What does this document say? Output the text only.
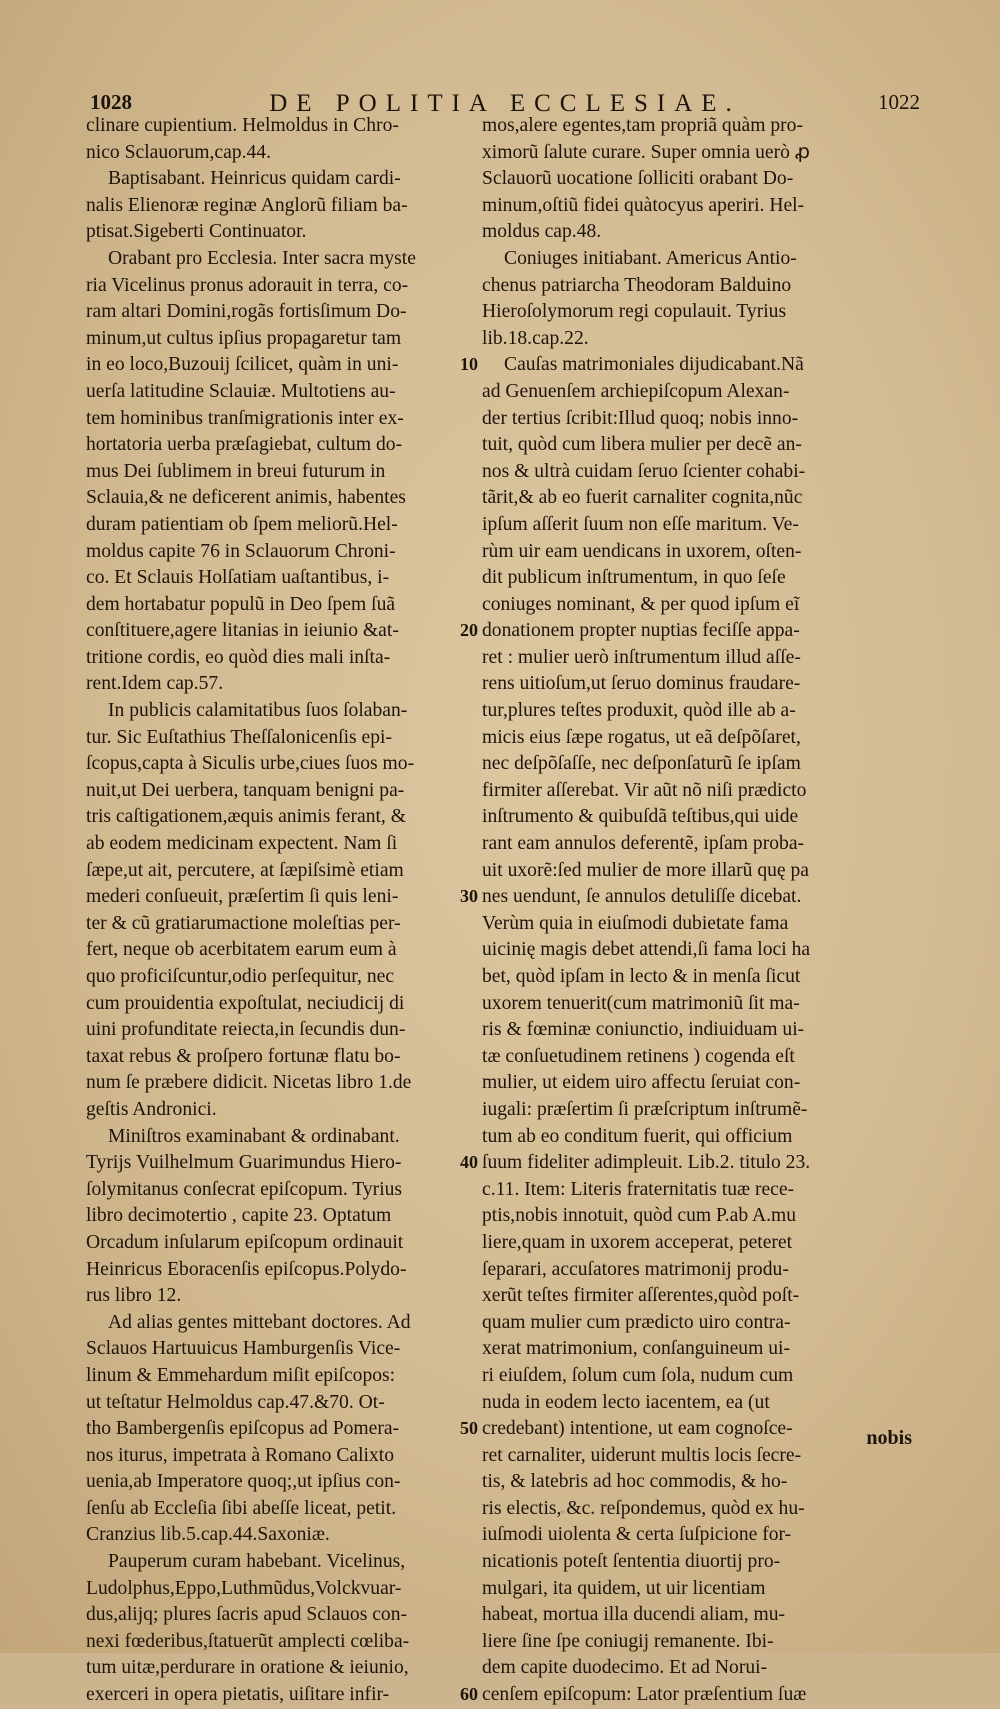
1028	DE POLITIA ECCLESIAE.	1022
clinare cupientium. Helmoldus in Chro-
nico Sclauorum,cap.44.
Baptisabant. Heinricus quidam cardi-
nalis Elienoræ reginæ Anglorũ filiam ba-
ptisat.Sigeberti Continuator.
Orabant pro Ecclesia. Inter sacra myste
ria Vicelinus pronus adorauit in terra, co-
ram altari Domini,rogãs fortisſimum Do-
minum,ut cultus ipſius propagaretur tam
in eo loco,Buzouij ſcilicet, quàm in uni-
uerſa latitudine Sclauiæ. Multotiens au-
tem hominibus tranſmigrationis inter ex-
hortatoria uerba præſagiebat, cultum do-
mus Dei ſublimem in breui futurum in
Sclauia,& ne deficerent animis, habentes
duram patientiam ob ſpem meliorũ.Hel-
moldus capite 76 in Sclauorum Chroni-
co. Et Sclauis Holſatiam uaſtantibus, i-
dem hortabatur populũ in Deo ſpem ſuã
conſtituere,agere litanias in ieiunio &at-
tritione cordis, eo quòd dies mali inſta-
rent.Idem cap.57.
In publicis calamitatibus ſuos ſolaban-
tur. Sic Euſtathius Theſſalonicenſis epi-
ſcopus,capta à Siculis urbe,ciues ſuos mo-
nuit,ut Dei uerbera, tanquam benigni pa-
tris caſtigationem,æquis animis ferant, &
ab eodem medicinam expectent. Nam ſi
ſæpe,ut ait, percutere, at ſæpiſsimè etiam
mederi conſueuit, præſertim ſi quis leni-
ter & cũ gratiarumactione moleſtias per-
fert, neque ob acerbitatem earum eum à
quo proficiſcuntur,odio perſequitur, nec
cum prouidentia expoſtulat, neciudicij di
uini profunditate reiecta,in ſecundis dun-
taxat rebus & proſpero fortunæ flatu bo-
num ſe præbere didicit. Nicetas libro 1.de
geſtis Andronici.
Miniſtros examinabant & ordinabant.
Tyrijs Vuilhelmum Guarimundus Hiero-
ſolymitanus conſecrat epiſcopum. Tyrius
libro decimotertio , capite 23. Optatum
Orcadum inſularum epiſcopum ordinauit
Heinricus Eboracenſis epiſcopus.Polydo-
rus libro 12.
Ad alias gentes mittebant doctores. Ad
Sclauos Hartuuicus Hamburgenſis Vice-
linum & Emmehardum miſit epiſcopos:
ut teſtatur Helmoldus cap.47.&70. Ot-
tho Bambergenſis epiſcopus ad Pomera-
nos iturus, impetrata à Romano Calixto
uenia,ab Imperatore quoq;,ut ipſius con-
ſenſu ab Eccleſia ſibi abeſſe liceat, petit.
Cranzius lib.5.cap.44.Saxoniæ.
Pauperum curam habebant. Vicelinus,
Ludolphus,Eppo,Luthmũdus,Volckvuar-
dus,alijq; plures ſacris apud Sclauos con-
nexi fœderibus,ſtatuerũt amplecti cœliba-
tum uitæ,perdurare in oratione & ieiunio,
exerceri in opera pietatis, uiſitare infir-
mos,alere egentes,tam propriã quàm pro-
ximorũ ſalute curare. Super omnia uerò ꝓ
Sclauorũ uocatione ſolliciti orabant Do-
minum,oſtiũ fidei quàtocyus aperiri. Hel-
moldus cap.48.
Coniuges initiabant. Americus Antio-
chenus patriarcha Theodoram Balduino
Hieroſolymorum regi copulauit. Tyrius
lib.18.cap.22.
Cauſas matrimoniales dijudicabant.Nã
ad Genuenſem archiepiſcopum Alexan-
der tertius ſcribit:Illud quoq; nobis inno-
tuit, quòd cum libera mulier per decẽ an-
nos & ultrà cuidam ſeruo ſcienter cohabi-
tãrit,& ab eo fuerit carnaliter cognita,nũc
ipſum aſſerit ſuum non eſſe maritum. Ve-
rùm uir eam uendicans in uxorem, oſten-
dit publicum inſtrumentum, in quo ſeſe
coniuges nominant, & per quod ipſum eĩ
donationem propter nuptias feciſſe appa-
ret : mulier uerò inſtrumentum illud aſſe-
rens uitioſum,ut ſeruo dominus fraudare-
tur,plures teſtes produxit, quòd ille ab a-
micis eius ſæpe rogatus, ut eã deſpõſaret,
nec deſpõſaſſe, nec deſponſaturũ ſe ipſam
firmiter aſſerebat. Vir aũt nõ niſi prædicto
inſtrumento & quibuſdã teſtibus,qui uide
rant eam annulos deferentẽ, ipſam proba-
uit uxorẽ:ſed mulier de more illarũ quę pa
nes uendunt, ſe annulos detuliſſe dicebat.
Verùm quia in eiuſmodi dubietate fama
uicinię magis debet attendi,ſi fama loci ha
bet, quòd ipſam in lecto & in menſa ſicut
uxorem tenuerit(cum matrimoniũ ſit ma-
ris & fœminæ coniunctio, indiuiduam ui-
tæ conſuetudinem retinens ) cogenda eſt
mulier, ut eidem uiro affectu ſeruiat con-
iugali: præſertim ſi præſcriptum inſtrumẽ-
tum ab eo conditum fuerit, qui officium
ſuum fideliter adimpleuit. Lib.2. titulo 23.
c.11. Item: Literis fraternitatis tuæ rece-
ptis,nobis innotuit, quòd cum P.ab A.mu
liere,quam in uxorem acceperat, peteret
ſeparari, accuſatores matrimonij produ-
xerũt teſtes firmiter aſſerentes,quòd poſt-
quam mulier cum prædicto uiro contra-
xerat matrimonium, conſanguineum ui-
ri eiuſdem, ſolum cum ſola, nudum cum
nuda in eodem lecto iacentem, ea (ut
credebant) intentione, ut eam cognoſce-
ret carnaliter, uiderunt multis locis ſecre-
tis, & latebris ad hoc commodis, & ho-
ris electis, &c. reſpondemus, quòd ex hu-
iuſmodi uiolenta & certa ſuſpicione for-
nicationis poteſt ſententia diuortij pro-
mulgari, ita quidem, ut uir licentiam
habeat, mortua illa ducendi aliam, mu-
liere ſine ſpe coniugij remanente. Ibi-
dem capite duodecimo. Et ad Norui-
cenſem epiſcopum: Lator præſentium ſuæ
10
20
30
40
50
60
nobis
